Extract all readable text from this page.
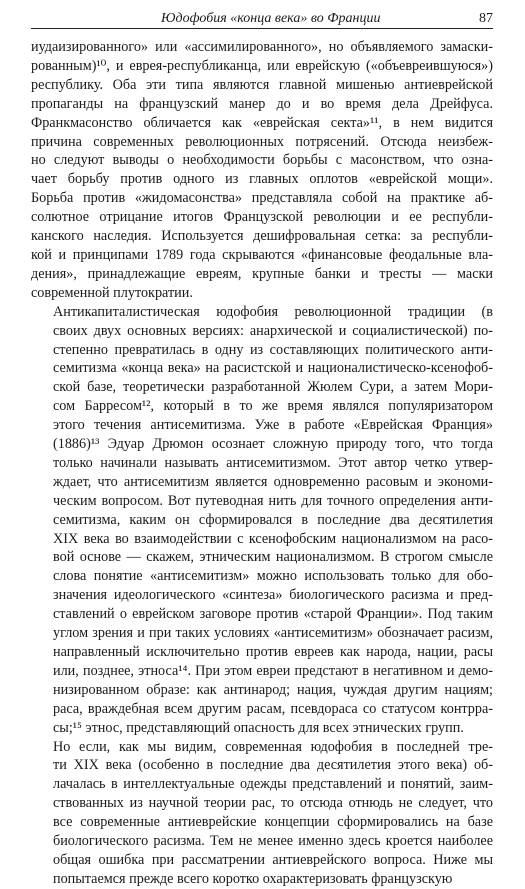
Юдофобия «конца века» во Франции	87

иудаизированного» или «ассимилированного», но объявляемого замаски-
рованным)¹⁰, и еврея-республиканца, или еврейскую («объевреившуюся»)
республику. Оба эти типа являются главной мишенью антиеврейской
пропаганды на французский манер до и во время дела Дрейфуса.
Франкмасонство обличается как «еврейская секта»¹¹, в нем видится
причина современных революционных потрясений. Отсюда неизбеж-
но следуют выводы о необходимости борьбы с масонством, что озна-
чает борьбу против одного из главных оплотов «еврейской мощи».
Борьба против «жидомасонства» представляла собой на практике аб-
солютное отрицание итогов Французской революции и ее республи-
канского наследия. Используется дешифровальная сетка: за республи-
кой и принципами 1789 года скрываются «финансовые феодальные вла-
дения», принадлежащие евреям, крупные банки и тресты — маски
современной плутократии.

Антикапиталистическая юдофобия революционной традиции (в
своих двух основных версиях: анархической и социалистической) по-
степенно превратилась в одну из составляющих политического анти-
семитизма «конца века» на расистской и националистическо-ксенофоб-
ской базе, теоретически разработанной Жюлем Сури, а затем Мори-
сом Барресом¹², который в то же время являлся популяризатором
этого течения антисемитизма. Уже в работе «Еврейская Франция»
(1886)¹³ Эдуар Дрюмон осознает сложную природу того, что тогда
только начинали называть антисемитизмом. Этот автор четко утвер-
ждает, что антисемитизм является одновременно расовым и экономи-
ческим вопросом. Вот путеводная нить для точного определения анти-
семитизма, каким он сформировался в последние два десятилетия
XIX века во взаимодействии с ксенофобским национализмом на расо-
вой основе — скажем, этническим национализмом. В строгом смысле
слова понятие «антисемитизм» можно использовать только для обо-
значения идеологического «синтеза» биологического расизма и пред-
ставлений о еврейском заговоре против «старой Франции». Под таким
углом зрения и при таких условиях «антисемитизм» обозначает расизм,
направленный исключительно против евреев как народа, нации, расы
или, позднее, этноса¹⁴. При этом евреи предстают в негативном и демо-
низированном образе: как антинарод; нация, чуждая другим нациям;
раса, враждебная всем другим расам, псевдораса со статусом контрра-
сы;¹⁵ этнос, представляющий опасность для всех этнических групп.

Но если, как мы видим, современная юдофобия в последней тре-
ти XIX века (особенно в последние два десятилетия этого века) об-
лачалась в интеллектуальные одежды представлений и понятий, заим-
ствованных из научной теории рас, то отсюда отнюдь не следует, что
все современные антиеврейские концепции сформировались на базе
биологического расизма. Тем не менее именно здесь кроется наиболее
общая ошибка при рассматрении антиеврейского вопроса. Ниже мы
попытаемся прежде всего коротко охарактеризовать французскую
